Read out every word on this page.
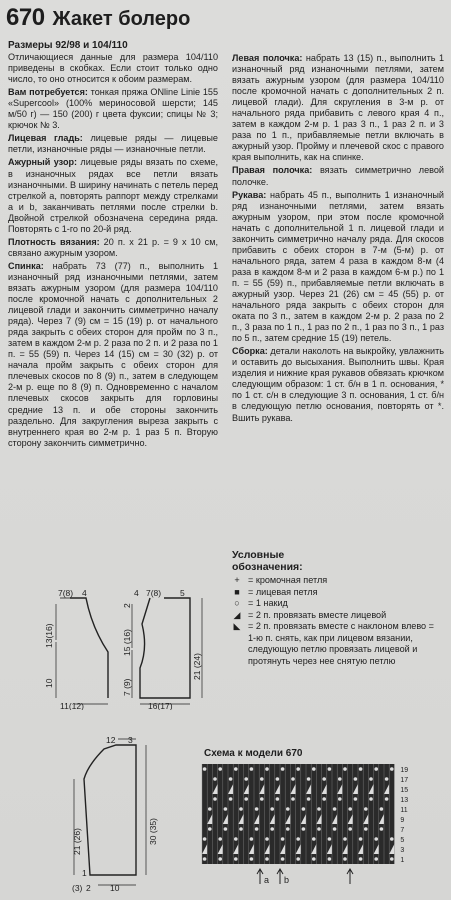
670 Жакет болеро

Размеры 92/98 и 104/110

Отличающиеся данные для размера 104/110 приведены в скобках. Если стоит только одно число, то оно относится к обоим размерам.

Вам потребуется: тонкая пряжа ONline Linie 155 «Supercool» (100% мериносовой шерсти; 145 м/50 г) — 150 (200) г цвета фуксии; спицы № 3; крючок № 3.

Лицевая гладь: лицевые ряды — лицевые петли, изнаночные ряды — изнаночные петли.

Ажурный узор: лицевые ряды вязать по схеме, в изнаночных рядах все петли вязать изнаночными. В ширину начинать с петель перед стрелкой а, повторять раппорт между стрелками а и b, заканчивать петлями после стрелки b. Двойной стрелкой обозначена середина ряда. Повторять с 1-го по 20-й ряд.

Плотность вязания: 20 п. х 21 р. = 9 х 10 см, связано ажурным узором.

Спинка: набрать 73 (77) п., выполнить 1 изнаночный ряд изнаночными петлями, затем вязать ажурным узором (для размера 104/110 после кромочной начать с дополнительных 2 лицевой глади и закончить симметрично началу ряда). Через 7 (9) см = 15 (19) р. от начального ряда закрыть с обеих сторон для пройм по 3 п., затем в каждом 2-м р. 2 раза по 2 п. и 2 раза по 1 п. = 55 (59) п. Через 14 (15) см = 30 (32) р. от начала пройм закрыть с обеих сторон для плечевых скосов по 8 (9) п., затем в следующем 2-м р. еще по 8 (9) п. Одновременно с началом плечевых скосов закрыть для горловины средние 13 п. и обе стороны закончить раздельно. Для закругления выреза закрыть с внутреннего края во 2-м р. 1 раз 5 п. Вторую сторону закончить симметрично.

Левая полочка: набрать 13 (15) п., выполнить 1 изнаночный ряд изнаночными петлями, затем вязать ажурным узором (для размера 104/110 после кромочной начать с дополнительных 2 п. лицевой глади). Для скругления в 3-м р. от начального ряда прибавить с левого края 4 п., затем в каждом 2-м р. 1 раз 3 п., 1 раз 2 п. и 3 раза по 1 п., прибавляемые петли включать в ажурный узор. Пройму и плечевой скос с правого края выполнить, как на спинке.

Правая полочка: вязать симметрично левой полочке.

Рукава: набрать 45 п., выполнить 1 изнаночный ряд изнаночными петлями, затем вязать ажурным узором, при этом после кромочной начать с дополнительной 1 п. лицевой глади и закончить симметрично началу ряда. Для скосов прибавить с обеих сторон в 7-м (5-м) р. от начального ряда, затем 4 раза в каждом 8-м (4 раза в каждом 8-м и 2 раза в каждом 6-м р.) по 1 п. = 55 (59) п., прибавляемые петли включать в ажурный узор. Через 21 (26) см = 45 (55) р. от начального ряда закрыть с обеих сторон для оката по 3 п., затем в каждом 2-м р. 2 раза по 2 п., 3 раза по 1 п., 1 раз по 2 п., 1 раз по 3 п., 1 раз по 5 п., затем средние 15 (19) петель.

Сборка: детали наколоть на выкройку, увлажнить и оставить до высыхания. Выполнить швы. Края изделия и нижние края рукавов обвязать крючком следующим образом: 1 ст. б/н в 1 п. основания, * по 1 ст. с/н в следующие 3 п. основания, 1 ст. б/н в следующую петлю основания, повторять от *. Вшить рукава.

Условные
обозначения:
+ = кромочная петля
■ = лицевая петля
○ = 1 накид
◢ = 2 п. провязать вместе лицевой
◣ = 2 п. провязать вместе с наклоном влево = 1-ю п. снять, как при лицевом вязании, следующую петлю провязать лицевой и протянуть через нее снятую петлю
7(8) 4	4 7(8) 5
10
13(16)
7 (9)
15 (16)
2
21 (24)
11(12)	16(17)
12 3
21 (26)	30 (35)
1
(3) 2 10
Схема к модели 670
19
17
15
13
11
9
7
5
3
1
a b
